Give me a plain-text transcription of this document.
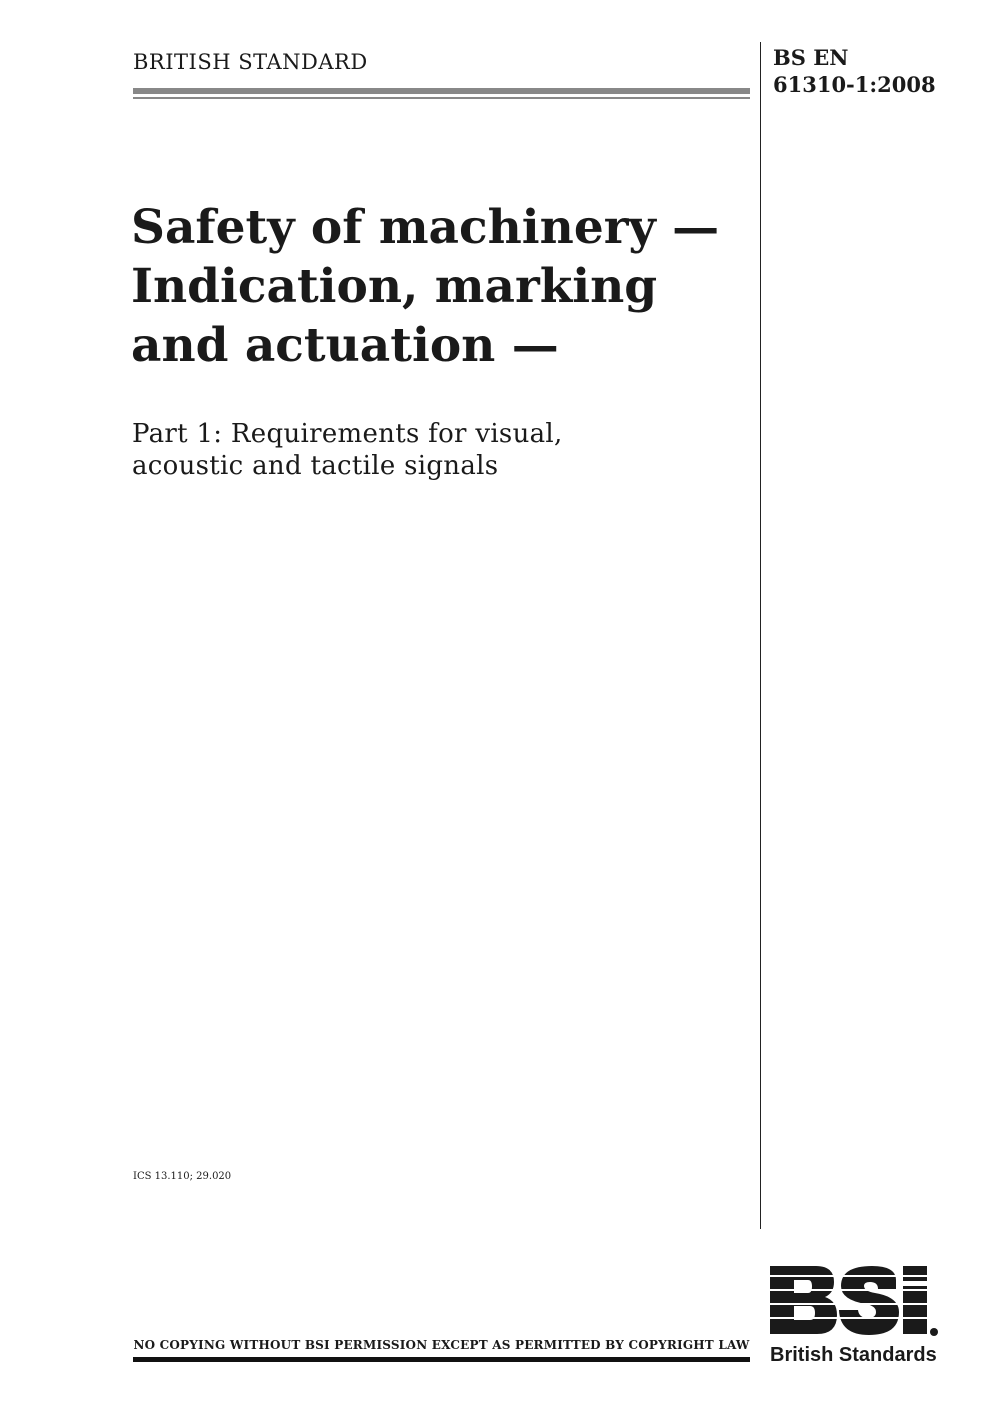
BRITISH STANDARD	BS EN
61310-1:2008
Safety of machinery —
Indication, marking
and actuation —
Part 1: Requirements for visual,
acoustic and tactile signals
ICS 13.110; 29.020
NO COPYING WITHOUT BSI PERMISSION EXCEPT AS PERMITTED BY COPYRIGHT LAW British Standards
